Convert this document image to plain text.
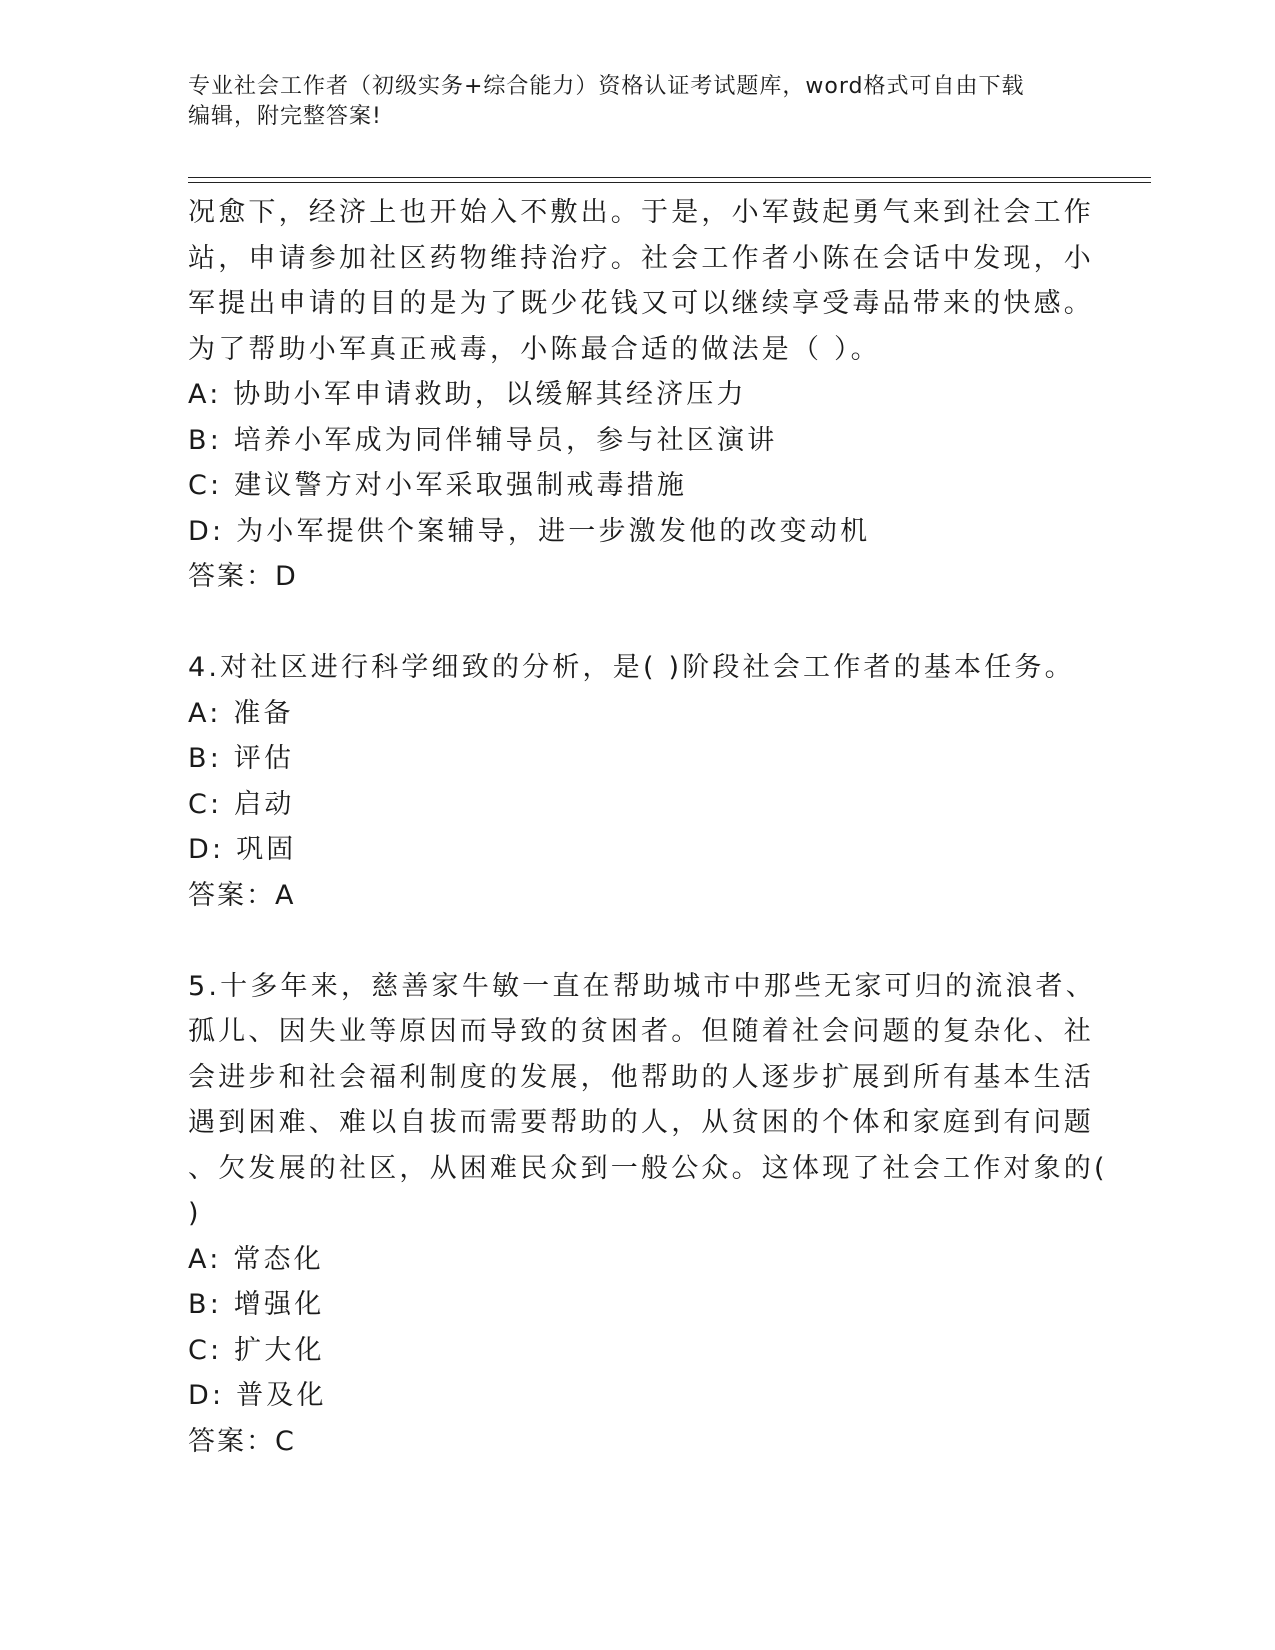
专业社会工作者（初级实务+综合能力）资格认证考试题库，word格式可自由下载
编辑，附完整答案!
况愈下，经济上也开始入不敷出。于是，小军鼓起勇气来到社会工作
站，申请参加社区药物维持治疗。社会工作者小陈在会话中发现，小
军提出申请的目的是为了既少花钱又可以继续享受毒品带来的快感。
为了帮助小军真正戒毒，小陈最合适的做法是（ ）。
A: 协助小军申请救助，以缓解其经济压力
B: 培养小军成为同伴辅导员，参与社区演讲
C: 建议警方对小军采取强制戒毒措施
D: 为小军提供个案辅导，进一步激发他的改变动机
答案：D
4.对社区进行科学细致的分析，是( )阶段社会工作者的基本任务。
A: 准备
B: 评估
C: 启动
D: 巩固
答案：A
5.十多年来，慈善家牛敏一直在帮助城市中那些无家可归的流浪者、
孤儿、因失业等原因而导致的贫困者。但随着社会问题的复杂化、社
会进步和社会福利制度的发展，他帮助的人逐步扩展到所有基本生活
遇到困难、难以自拔而需要帮助的人，从贫困的个体和家庭到有问题
、欠发展的社区，从困难民众到一般公众。这体现了社会工作对象的(
)
A: 常态化
B: 增强化
C: 扩大化
D: 普及化
答案：C
